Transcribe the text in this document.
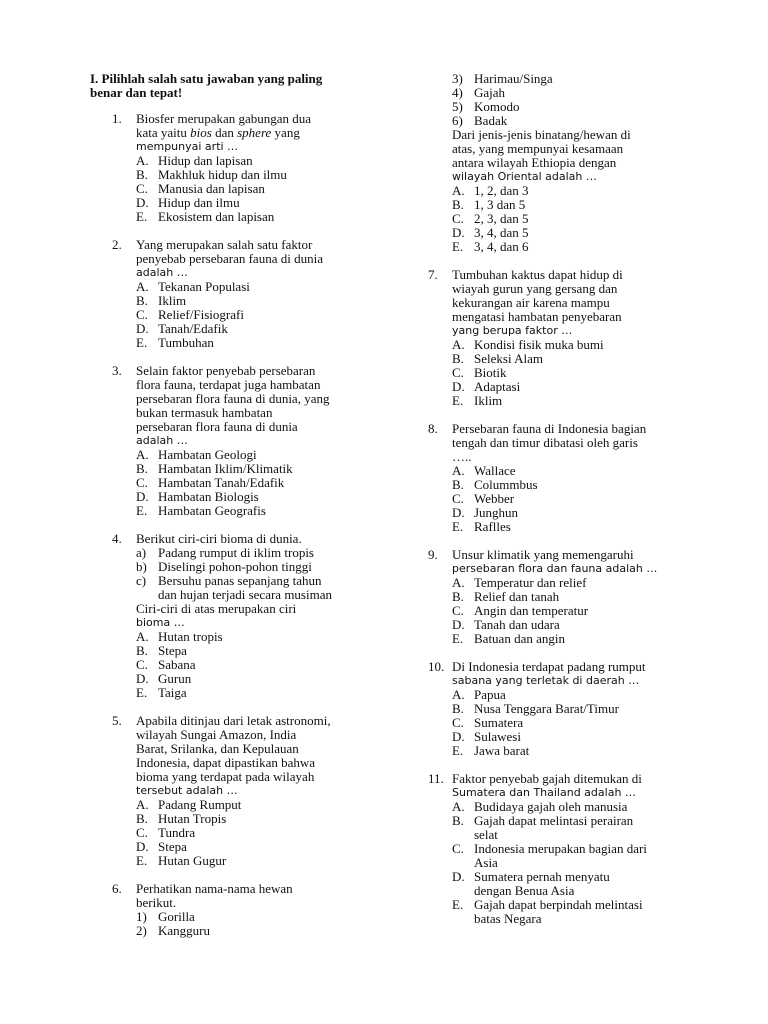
I. Pilihlah salah satu jawaban yang paling
benar dan tepat!
1. Biosfer merupakan gabungan dua
kata yaitu bios dan sphere yang
mempunyai arti …
A. Hidup dan lapisan
B. Makhluk hidup dan ilmu
C. Manusia dan lapisan
D. Hidup dan ilmu
E. Ekosistem dan lapisan
2. Yang merupakan salah satu faktor
penyebab persebaran fauna di dunia
adalah …
A. Tekanan Populasi
B. Iklim
C. Relief/Fisiografi
D. Tanah/Edafik
E. Tumbuhan
3. Selain faktor penyebab persebaran
flora fauna, terdapat juga hambatan
persebaran flora fauna di dunia, yang
bukan termasuk hambatan
persebaran flora fauna di dunia
adalah …
A. Hambatan Geologi
B. Hambatan Iklim/Klimatik
C. Hambatan Tanah/Edafik
D. Hambatan Biologis
E. Hambatan Geografis
4. Berikut ciri-ciri bioma di dunia.
a) Padang rumput di iklim tropis
b) Diselingi pohon-pohon tinggi
c) Bersuhu panas sepanjang tahun
dan hujan terjadi secara musiman
Ciri-ciri di atas merupakan ciri
bioma …
A. Hutan tropis
B. Stepa
C. Sabana
D. Gurun
E. Taiga
5. Apabila ditinjau dari letak astronomi,
wilayah Sungai Amazon, India
Barat, Srilanka, dan Kepulauan
Indonesia, dapat dipastikan bahwa
bioma yang terdapat pada wilayah
tersebut adalah …
A. Padang Rumput
B. Hutan Tropis
C. Tundra
D. Stepa
E. Hutan Gugur
6. Perhatikan nama-nama hewan
berikut.
1) Gorilla
2) Kangguru
3) Harimau/Singa
4) Gajah
5) Komodo
6) Badak
Dari jenis-jenis binatang/hewan di
atas, yang mempunyai kesamaan
antara wilayah Ethiopia dengan
wilayah Oriental adalah …
A. 1, 2, dan 3
B. 1, 3 dan 5
C. 2, 3, dan 5
D. 3, 4, dan 5
E. 3, 4, dan 6
7. Tumbuhan kaktus dapat hidup di
wiayah gurun yang gersang dan
kekurangan air karena mampu
mengatasi hambatan penyebaran
yang berupa faktor …
A. Kondisi fisik muka bumi
B. Seleksi Alam
C. Biotik
D. Adaptasi
E. Iklim
8. Persebaran fauna di Indonesia bagian
tengah dan timur dibatasi oleh garis
…..
A. Wallace
B. Colummbus
C. Webber
D. Junghun
E. Raflles
9. Unsur klimatik yang memengaruhi
persebaran flora dan fauna adalah …
A. Temperatur dan relief
B. Relief dan tanah
C. Angin dan temperatur
D. Tanah dan udara
E. Batuan dan angin
10. Di Indonesia terdapat padang rumput
sabana yang terletak di daerah …
A. Papua
B. Nusa Tenggara Barat/Timur
C. Sumatera
D. Sulawesi
E. Jawa barat
11. Faktor penyebab gajah ditemukan di
Sumatera dan Thailand adalah …
A. Budidaya gajah oleh manusia
B. Gajah dapat melintasi perairan
selat
C. Indonesia merupakan bagian dari
Asia
D. Sumatera pernah menyatu
dengan Benua Asia
E. Gajah dapat berpindah melintasi
batas Negara
